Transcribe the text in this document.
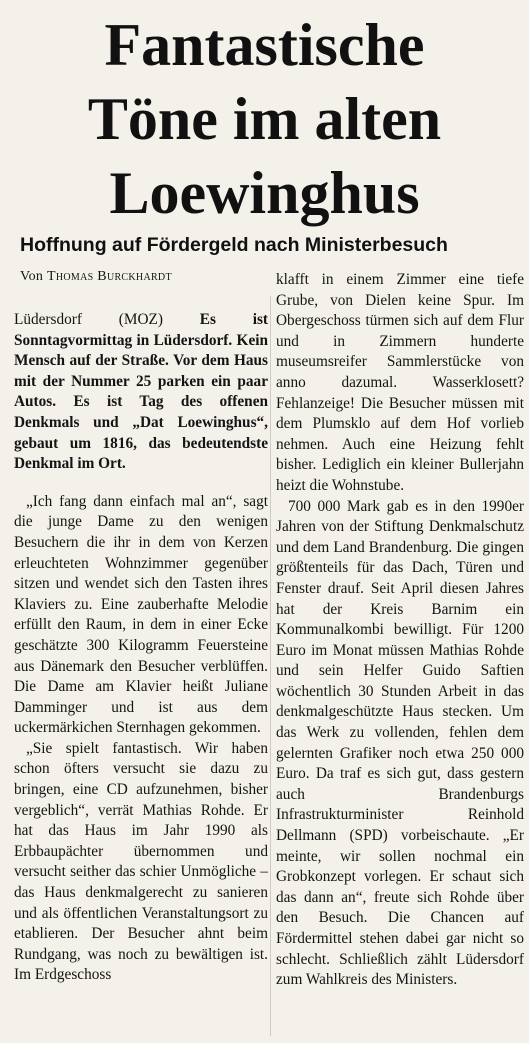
Fantastische
Töne im alten
Loewinghus
Hoffnung auf Fördergeld nach Ministerbesuch
Von Thomas Burckhardt

Lüdersdorf (MOZ) Es ist Sonntagvormittag in Lüdersdorf. Kein Mensch auf der Straße. Vor dem Haus mit der Nummer 25 parken ein paar Autos. Es ist Tag des offenen Denkmals und „Dat Loewinghus“, gebaut um 1816, das bedeutendste Denkmal im Ort.

„Ich fang dann einfach mal an“, sagt die junge Dame zu den wenigen Besuchern die ihr in dem von Kerzen erleuchteten Wohnzimmer gegenüber sitzen und wendet sich den Tasten ihres Klaviers zu. Eine zauberhafte Melodie erfüllt den Raum, in dem in einer Ecke geschätzte 300 Kilogramm Feuersteine aus Dänemark den Besucher verblüffen. Die Dame am Klavier heißt Juliane Damminger und ist aus dem uckermärkichen Sternhagen gekommen.

„Sie spielt fantastisch. Wir haben schon öfters versucht sie dazu zu bringen, eine CD aufzunehmen, bisher vergeblich“, verrät Mathias Rohde. Er hat das Haus im Jahr 1990 als Erbbaupächter übernommen und versucht seither das schier Unmögliche – das Haus denkmalgerecht zu sanieren und als öffentlichen Veranstaltungsort zu etablieren. Der Besucher ahnt beim Rundgang, was noch zu bewältigen ist. Im Erdgeschoss

klafft in einem Zimmer eine tiefe Grube, von Dielen keine Spur. Im Obergeschoss türmen sich auf dem Flur und in Zimmern hunderte museumsreifer Sammlerstücke von anno dazumal. Wasserklosett? Fehlanzeige! Die Besucher müssen mit dem Plumsklo auf dem Hof vorlieb nehmen. Auch eine Heizung fehlt bisher. Lediglich ein kleiner Bullerjahn heizt die Wohnstube.

700 000 Mark gab es in den 1990er Jahren von der Stiftung Denkmalschutz und dem Land Brandenburg. Die gingen größtenteils für das Dach, Türen und Fenster drauf. Seit April diesen Jahres hat der Kreis Barnim ein Kommunalkombi bewilligt. Für 1200 Euro im Monat müssen Mathias Rohde und sein Helfer Guido Saftien wöchentlich 30 Stunden Arbeit in das denkmalgeschützte Haus stecken. Um das Werk zu vollenden, fehlen dem gelernten Grafiker noch etwa 250 000 Euro. Da traf es sich gut, dass gestern auch Brandenburgs Infrastrukturminister Reinhold Dellmann (SPD) vorbeischaute. „Er meinte, wir sollen nochmal ein Grobkonzept vorlegen. Er schaut sich das dann an“, freute sich Rohde über den Besuch. Die Chancen auf Fördermittel stehen dabei gar nicht so schlecht. Schließlich zählt Lüdersdorf zum Wahlkreis des Ministers.
